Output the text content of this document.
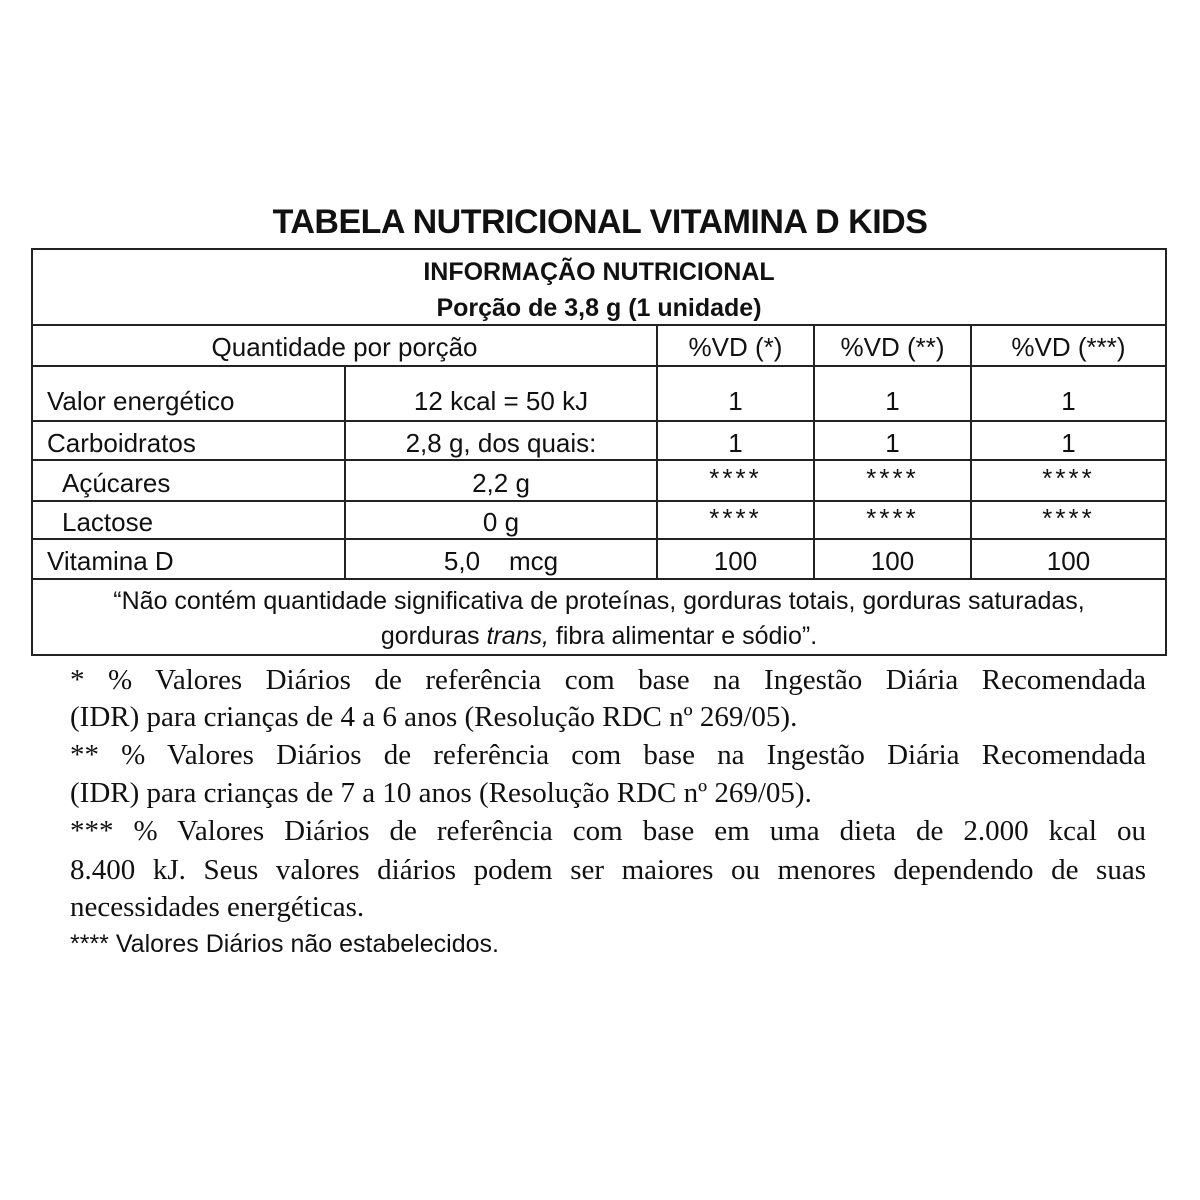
TABELA NUTRICIONAL VITAMINA D KIDS
INFORMAÇÃO NUTRICIONAL
Porção de 3,8 g (1 unidade)
Quantidade por porção	%VD (*)	%VD (**)	%VD (***)
Valor energético	12 kcal = 50 kJ	1	1	1
Carboidratos	2,8 g, dos quais:	1	1	1
Açúcares	2,2 g	****	****	****
Lactose	0 g	****	****	****
Vitamina D	5,0    mcg	100	100	100
“Não contém quantidade significativa de proteínas, gorduras totais, gorduras saturadas,
gorduras trans, fibra alimentar e sódio”.
* % Valores Diários de referência com base na Ingestão Diária Recomendada
(IDR) para crianças de 4 a 6 anos (Resolução RDC nº 269/05).
** % Valores Diários de referência com base na Ingestão Diária Recomendada
(IDR) para crianças de 7 a 10 anos (Resolução RDC nº 269/05).
*** % Valores Diários de referência com base em uma dieta de 2.000 kcal ou
8.400 kJ. Seus valores diários podem ser maiores ou menores dependendo de suas
necessidades energéticas.
**** Valores Diários não estabelecidos.
